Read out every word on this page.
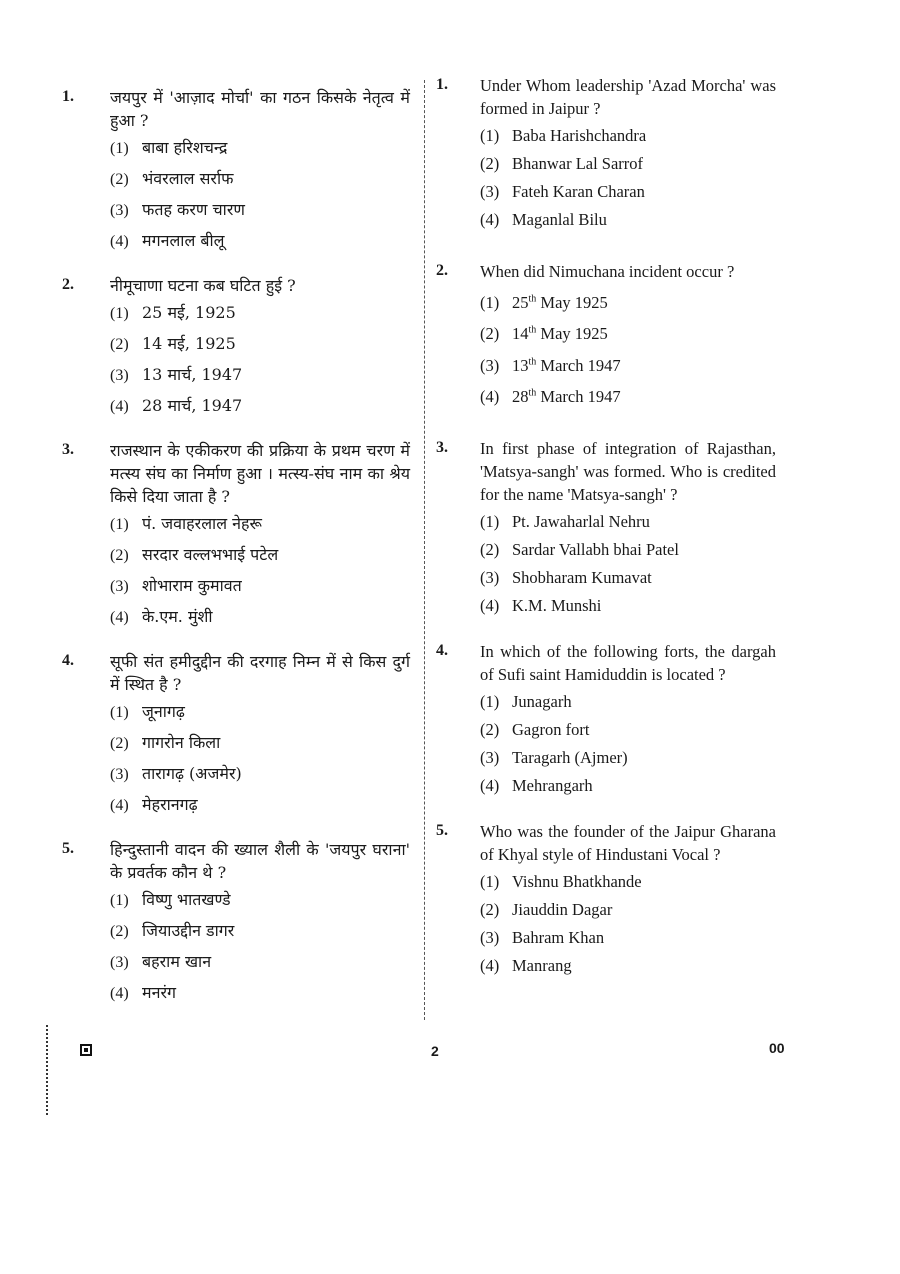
1. जयपुर में 'आज़ाद मोर्चा' का गठन किसके नेतृत्व में हुआ ?
(1) बाबा हरिशचन्द्र
(2) भंवरलाल सर्राफ
(3) फतह करण चारण
(4) मगनलाल बीलू
2. नीमूचाणा घटना कब घटित हुई ?
(1) 25 मई, 1925
(2) 14 मई, 1925
(3) 13 मार्च, 1947
(4) 28 मार्च, 1947
3. राजस्थान के एकीकरण की प्रक्रिया के प्रथम चरण में मत्स्य संघ का निर्माण हुआ । मत्स्य-संघ नाम का श्रेय किसे दिया जाता है ?
(1) पं. जवाहरलाल नेहरू
(2) सरदार वल्लभभाई पटेल
(3) शोभाराम कुमावत
(4) के.एम. मुंशी
4. सूफी संत हमीदुद्दीन की दरगाह निम्न में से किस दुर्ग में स्थित है ?
(1) जूनागढ़
(2) गागरोन किला
(3) तारागढ़ (अजमेर)
(4) मेहरानगढ़
5. हिन्दुस्तानी वादन की ख्याल शैली के 'जयपुर घराना' के प्रवर्तक कौन थे ?
(1) विष्णु भातखण्डे
(2) जियाउद्दीन डागर
(3) बहराम खान
(4) मनरंग
1. Under Whom leadership 'Azad Morcha' was formed in Jaipur ?
(1) Baba Harishchandra
(2) Bhanwar Lal Sarrof
(3) Fateh Karan Charan
(4) Maganlal Bilu
2. When did Nimuchana incident occur ?
(1) 25th May 1925
(2) 14th May 1925
(3) 13th March 1947
(4) 28th March 1947
3. In first phase of integration of Rajasthan, 'Matsya-sangh' was formed. Who is credited for the name 'Matsya-sangh' ?
(1) Pt. Jawaharlal Nehru
(2) Sardar Vallabh bhai Patel
(3) Shobharam Kumavat
(4) K.M. Munshi
4. In which of the following forts, the dargah of Sufi saint Hamiduddin is located ?
(1) Junagarh
(2) Gagron fort
(3) Taragarh (Ajmer)
(4) Mehrangarh
5. Who was the founder of the Jaipur Gharana of Khyal style of Hindustani Vocal ?
(1) Vishnu Bhatkhande
(2) Jiauddin Dagar
(3) Bahram Khan
(4) Manrang
2	00
